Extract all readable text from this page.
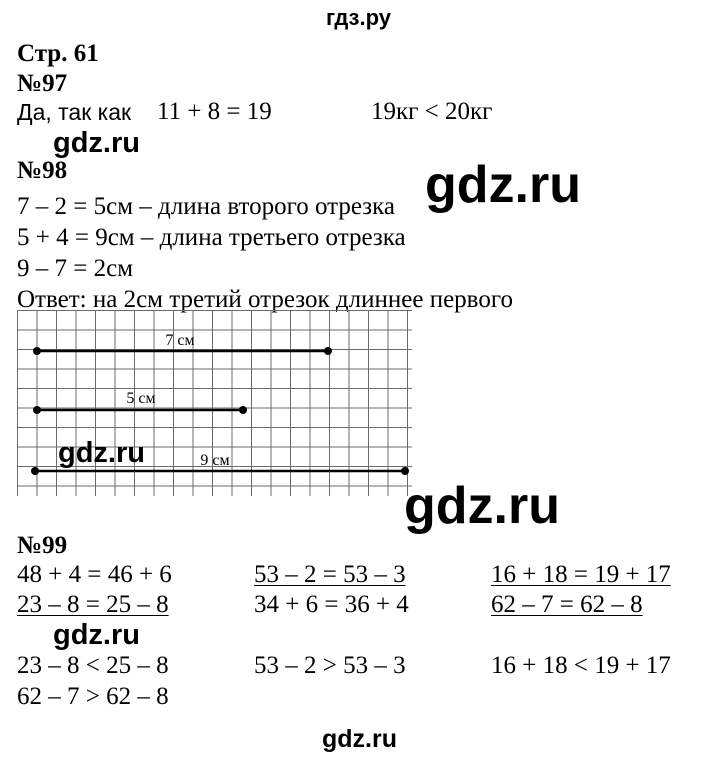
гдз.ру
Стр. 61
№97
Да, так как 11 + 8 = 19	19кг < 20кг
gdz.ru
№98
7 – 2 = 5см – длина второго отрезка
5 + 4 = 9см – длина третьего отрезка
9 – 7 = 2см
Ответ: на 2см третий отрезок длиннее первого
gdz.ru
7 см
5 см
9 см
gdz.ru
gdz.ru
№99
48 + 4 = 46 + 6	53 – 2 = 53 – 3	16 + 18 = 19 + 17
23 – 8 = 25 – 8	34 + 6 = 36 + 4	62 – 7 = 62 – 8
gdz.ru
23 – 8 < 25 – 8	53 – 2 > 53 – 3	16 + 18 < 19 + 17
62 – 7 > 62 – 8
gdz.ru
